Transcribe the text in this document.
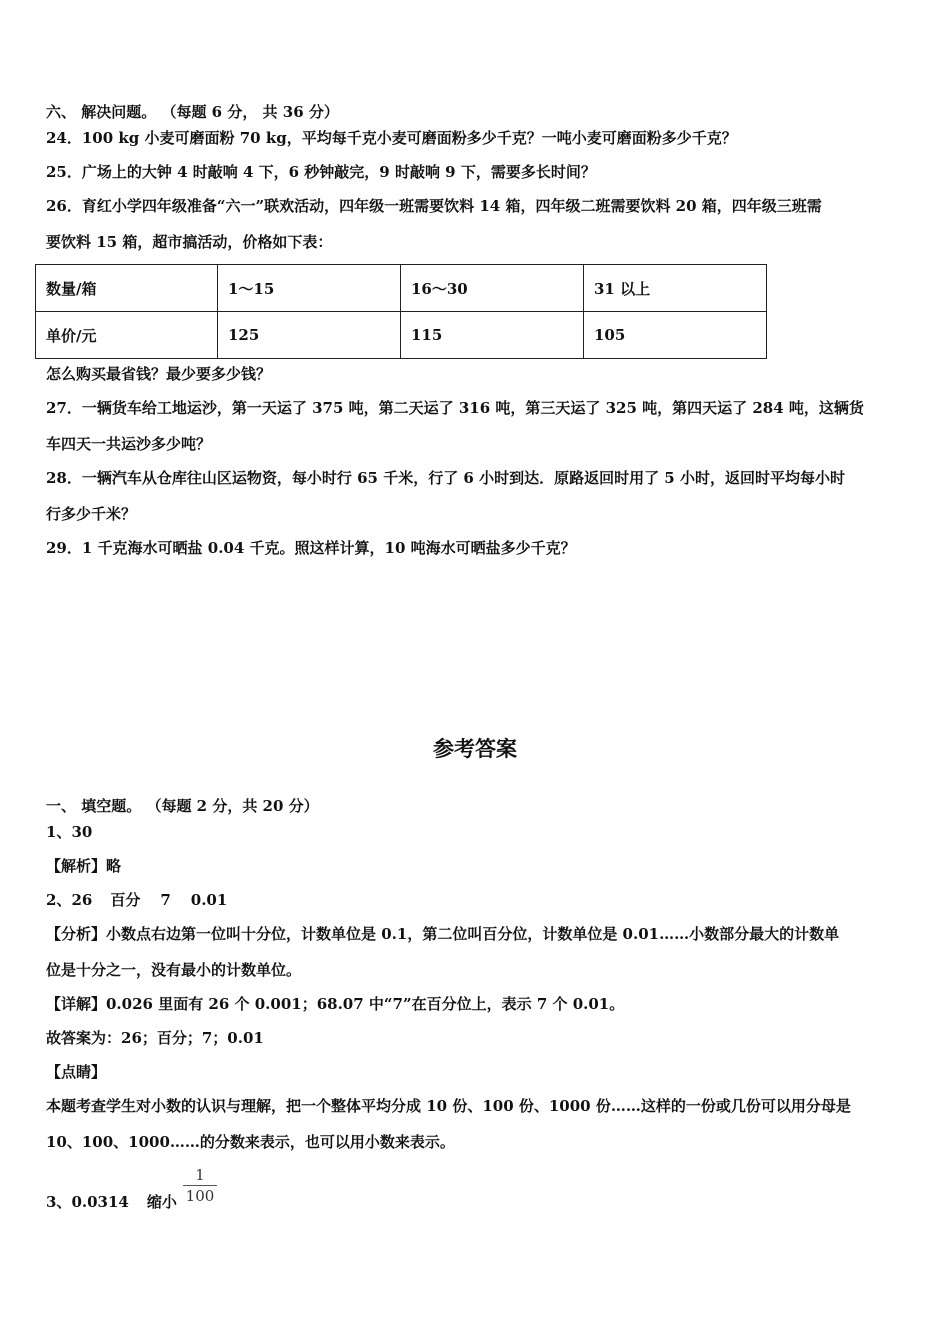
六、 解决问题。 （每题 6 分， 共 36 分）
24．100 kg 小麦可磨面粉 70 kg，平均每千克小麦可磨面粉多少千克？一吨小麦可磨面粉多少千克？
25．广场上的大钟 4 时敲响 4 下，6 秒钟敲完，9 时敲响 9 下，需要多长时间？
26．育红小学四年级准备“六一”联欢活动，四年级一班需要饮料 14 箱，四年级二班需要饮料 20 箱，四年级三班需
要饮料 15 箱，超市搞活动，价格如下表：
数量/箱	1～15	16～30	31 以上
单价/元	125	115	105
怎么购买最省钱？最少要多少钱？
27．一辆货车给工地运沙，第一天运了 375 吨，第二天运了 316 吨，第三天运了 325 吨，第四天运了 284 吨，这辆货
车四天一共运沙多少吨？
28．一辆汽车从仓库往山区运物资，每小时行 65 千米，行了 6 小时到达．原路返回时用了 5 小时，返回时平均每小时
行多少千米？
29．1 千克海水可晒盐 0.04 千克。照这样计算，10 吨海水可晒盐多少千克？
参考答案
一、 填空题。 （每题 2 分，共 20 分）
1、30
【解析】略
2、26 百分 7 0.01
【分析】小数点右边第一位叫十分位，计数单位是 0.1，第二位叫百分位，计数单位是 0.01……小数部分最大的计数单
位是十分之一，没有最小的计数单位。
【详解】0.026 里面有 26 个 0.001；68.07 中“7”在百分位上，表示 7 个 0.01。
故答案为：26；百分；7；0.01
【点睛】
本题考查学生对小数的认识与理解，把一个整体平均分成 10 份、100 份、1000 份……这样的一份或几份可以用分母是
10、100、1000……的分数来表示，也可以用小数来表示。
3、0.0314 缩小
1
100
